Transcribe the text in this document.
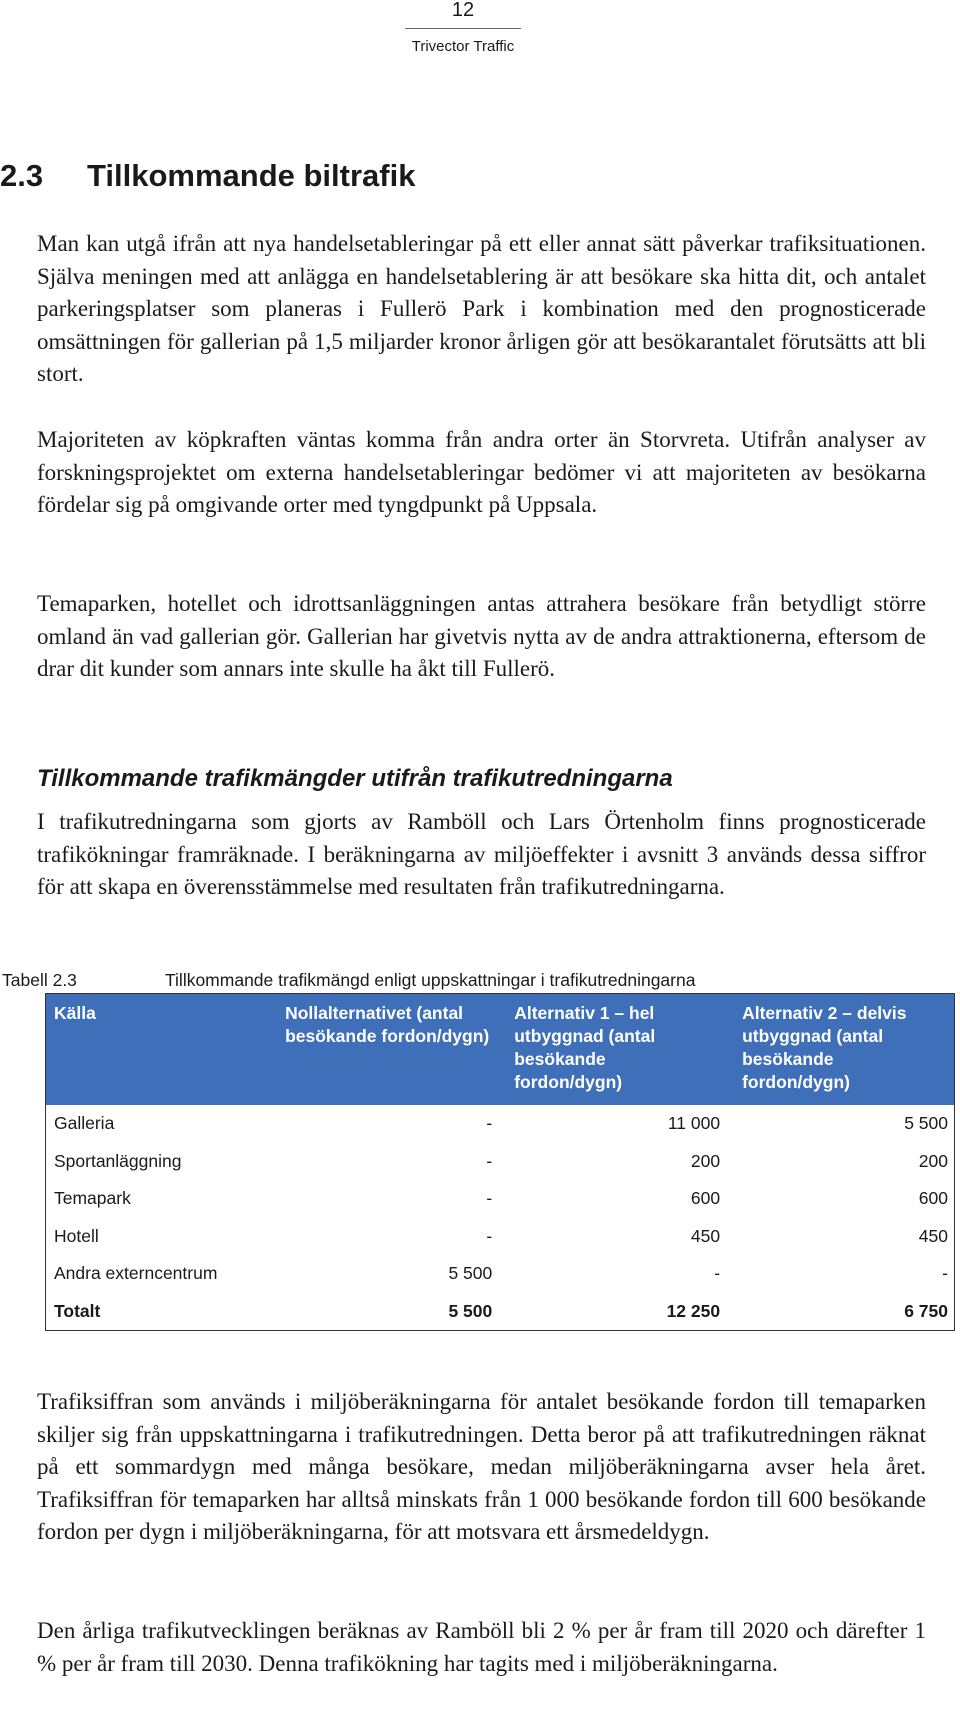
12
Trivector Traffic
2.3 Tillkommande biltrafik

Man kan utgå ifrån att nya handelsetableringar på ett eller annat sätt påverkar trafiksituationen. Själva meningen med att anlägga en handelsetablering är att besökare ska hitta dit, och antalet parkeringsplatser som planeras i Fullerö Park i kombination med den prognosticerade omsättningen för gallerian på 1,5 miljarder kronor årligen gör att besökarantalet förutsätts att bli stort.

Majoriteten av köpkraften väntas komma från andra orter än Storvreta. Utifrån analyser av forskningsprojektet om externa handelsetableringar bedömer vi att majoriteten av besökarna fördelar sig på omgivande orter med tyngdpunkt på Uppsala.

Temaparken, hotellet och idrottsanläggningen antas attrahera besökare från betydligt större omland än vad gallerian gör. Gallerian har givetvis nytta av de andra attraktionerna, eftersom de drar dit kunder som annars inte skulle ha åkt till Fullerö.

Tillkommande trafikmängder utifrån trafikutredningarna

I trafikutredningarna som gjorts av Ramböll och Lars Örtenholm finns prognosticerade trafikökningar framräknade. I beräkningarna av miljöeffekter i avsnitt 3 används dessa siffror för att skapa en överensstämmelse med resultaten från trafikutredningarna.

Tabell 2.3	Tillkommande trafikmängd enligt uppskattningar i trafikutredningarna
Källa	Nollalternativet (antal besökande fordon/dygn)	Alternativ 1 – hel utbyggnad (antal besökande fordon/dygn)	Alternativ 2 – delvis utbyggnad (antal besökande fordon/dygn)
Galleria	-	11 000	5 500
Sportanläggning	-	200	200
Temapark	-	600	600
Hotell	-	450	450
Andra externcentrum	5 500	-	-
Totalt	5 500	12 250	6 750

Trafiksiffran som används i miljöberäkningarna för antalet besökande fordon till temaparken skiljer sig från uppskattningarna i trafikutredningen. Detta beror på att trafikutredningen räknat på ett sommardygn med många besökare, medan miljöberäkningarna avser hela året. Trafiksiffran för temaparken har alltså minskats från 1 000 besökande fordon till 600 besökande fordon per dygn i miljöberäkningarna, för att motsvara ett årsmedeldygn.

Den årliga trafikutvecklingen beräknas av Ramböll bli 2 % per år fram till 2020 och därefter 1 % per år fram till 2030. Denna trafikökning har tagits med i miljöberäkningarna.
